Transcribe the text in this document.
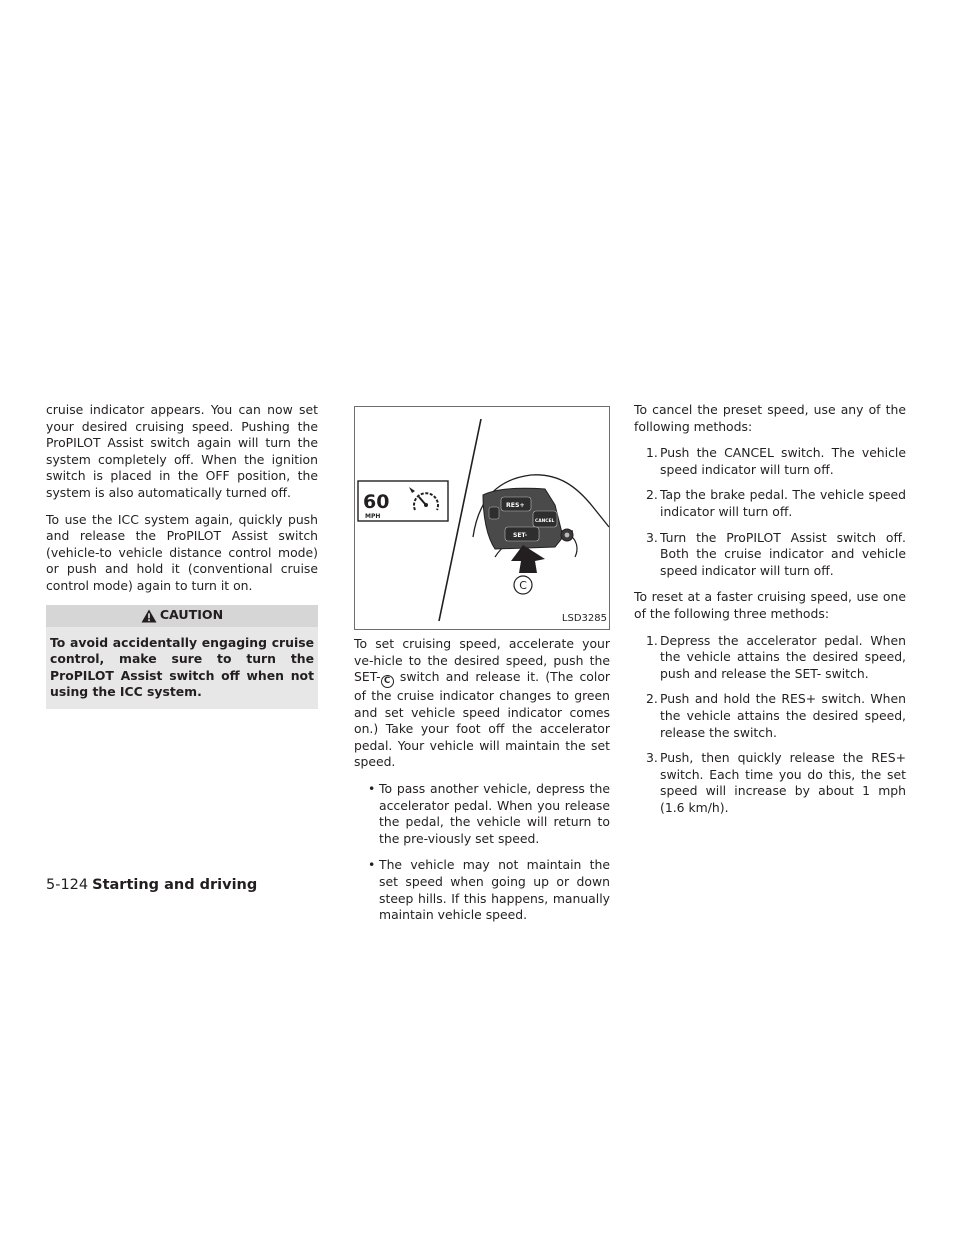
cruise indicator appears. You can now set your desired cruising speed. Pushing the ProPILOT Assist switch again will turn the system completely off. When the ignition switch is placed in the OFF position, the system is also automatically turned off.

To use the ICC system again, quickly push and release the ProPILOT Assist switch (vehicle-to vehicle distance control mode) or push and hold it (conventional cruise control mode) again to turn it on.

CAUTION
To avoid accidentally engaging cruise control, make sure to turn the ProPILOT Assist switch off when not using the ICC system.
60
MPH
RES+
CANCEL
SET-
C
LSD3285

To set cruising speed, accelerate your ve-hicle to the desired speed, push the SET- C switch and release it. (The color of the cruise indicator changes to green and set vehicle speed indicator comes on.) Take your foot off the accelerator pedal. Your vehicle will maintain the set speed.

• To pass another vehicle, depress the accelerator pedal. When you release the pedal, the vehicle will return to the pre-viously set speed.
• The vehicle may not maintain the set speed when going up or down steep hills. If this happens, manually maintain vehicle speed.

To cancel the preset speed, use any of the following methods:

1. Push the CANCEL switch. The vehicle speed indicator will turn off.
2. Tap the brake pedal. The vehicle speed indicator will turn off.
3. Turn the ProPILOT Assist switch off. Both the cruise indicator and vehicle speed indicator will turn off.

To reset at a faster cruising speed, use one of the following three methods:

1. Depress the accelerator pedal. When the vehicle attains the desired speed, push and release the SET- switch.
2. Push and hold the RES+ switch. When the vehicle attains the desired speed, release the switch.
3. Push, then quickly release the RES+ switch. Each time you do this, the set speed will increase by about 1 mph (1.6 km/h).
5-124 Starting and driving
